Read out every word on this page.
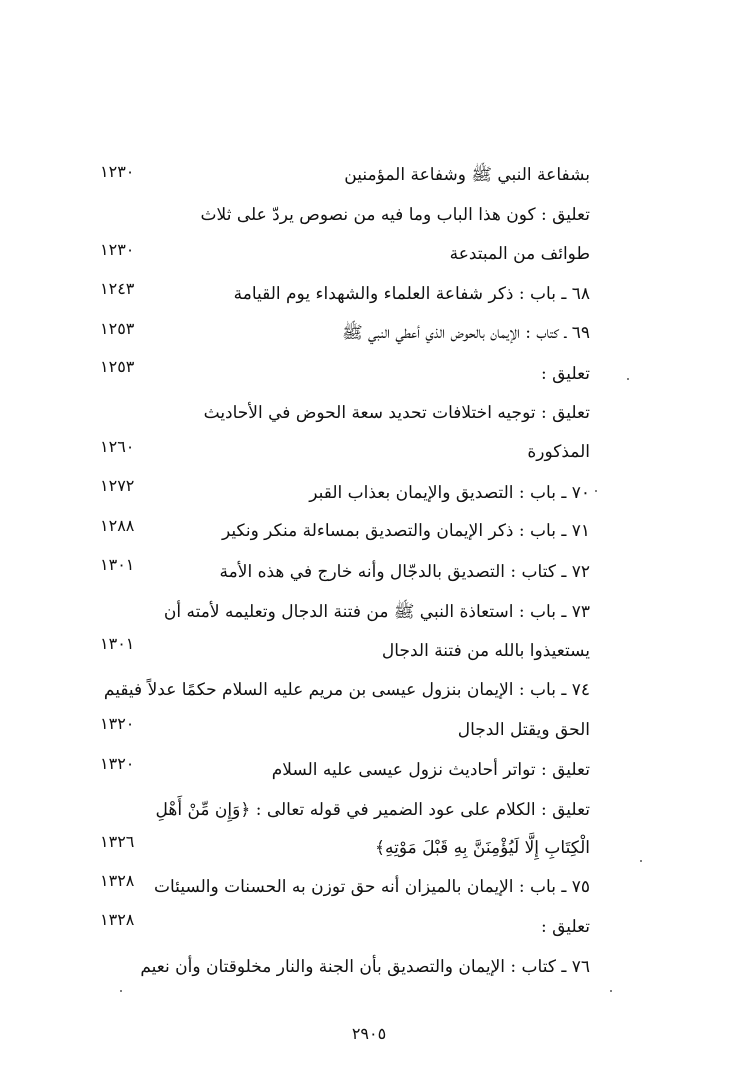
بشفاعة النبي ﷺ وشفاعة المؤمنين
١٢٣٠
تعليق : كون هذا الباب وما فيه من نصوص يردّ على ثلاث
طوائف من المبتدعة
١٢٣٠
٦٨ ـ باب : ذكر شفاعة العلماء والشهداء يوم القيامة
١٢٤٣
٦٩ ـ كتاب : الإيمان بالحوض الذي أعطي النبي ﷺ
١٢٥٣
تعليق :
١٢٥٣
تعليق : توجيه اختلافات تحديد سعة الحوض في الأحاديث
المذكورة
١٢٦٠
٧٠ ـ باب : التصديق والإيمان بعذاب القبر
١٢٧٢
٧١ ـ باب : ذكر الإيمان والتصديق بمساءلة منكر ونكير
١٢٨٨
٧٢ ـ كتاب : التصديق بالدجّال وأنه خارج في هذه الأمة
١٣٠١
٧٣ ـ باب : استعاذة النبي ﷺ من فتنة الدجال وتعليمه لأمته أن
يستعيذوا بالله من فتنة الدجال
١٣٠١
٧٤ ـ باب : الإيمان بنزول عيسى بن مريم عليه السلام حكمًا عدلاً فيقيم
الحق ويقتل الدجال
١٣٢٠
تعليق : تواتر أحاديث نزول عيسى عليه السلام
١٣٢٠
تعليق : الكلام على عود الضمير في قوله تعالى : ﴿وَإِن مِّنْ أَهْلِ
الْكِتَابِ إِلَّا لَيُؤْمِنَنَّ بِهِ قَبْلَ مَوْتِهِ﴾
١٣٢٦
٧٥ ـ باب : الإيمان بالميزان أنه حق توزن به الحسنات والسيئات
١٣٢٨
تعليق :
١٣٢٨
٧٦ ـ كتاب : الإيمان والتصديق بأن الجنة والنار مخلوقتان وأن نعيم
٢٩٠٥
